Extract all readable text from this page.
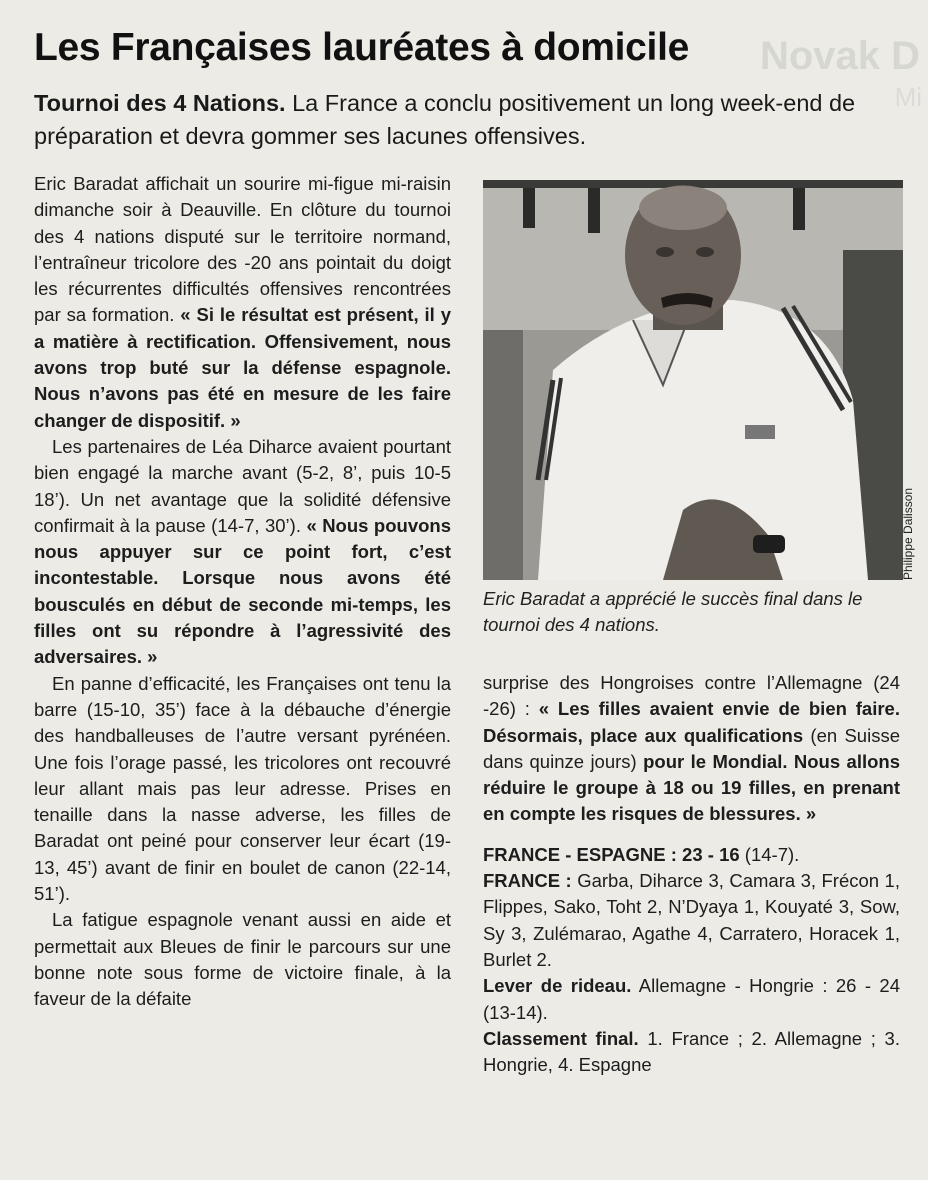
Novak D
Mi
Les Françaises lauréates à domicile
Tournoi des 4 Nations. La France a conclu positivement un long week-end de préparation et devra gommer ses lacunes offensives.

Eric Baradat affichait un sourire mi-figue mi-raisin dimanche soir à Deauville. En clôture du tournoi des 4 nations disputé sur le territoire normand, l’entraîneur tricolore des -20 ans pointait du doigt les récurrentes difficultés offensives rencontrées par sa formation. « Si le résultat est présent, il y a matière à rectification. Offensivement, nous avons trop buté sur la défense espagnole. Nous n’avons pas été en mesure de les faire changer de dispositif. »

Les partenaires de Léa Diharce avaient pourtant bien engagé la marche avant (5-2, 8’, puis 10-5 18’). Un net avantage que la solidité défensive confirmait à la pause (14-7, 30’). « Nous pouvons nous appuyer sur ce point fort, c’est incontestable. Lorsque nous avons été bousculés en début de seconde mi-temps, les filles ont su répondre à l’agressivité des adversaires. »

En panne d’efficacité, les Françaises ont tenu la barre (15-10, 35’) face à la débauche d’énergie des handballeuses de l’autre versant pyrénéen. Une fois l’orage passé, les tricolores ont recouvré leur allant mais pas leur adresse. Prises en tenaille dans la nasse adverse, les filles de Baradat ont peiné pour conserver leur écart (19-13, 45’) avant de finir en boulet de canon (22-14, 51’).

La fatigue espagnole venant aussi en aide et permettait aux Bleues de finir le parcours sur une bonne note sous forme de victoire finale, à la faveur de la défaite

Philippe Dalisson
Eric Baradat a apprécié le succès final dans le tournoi des 4 nations.

surprise des Hongroises contre l’Allemagne (24 -26) : « Les filles avaient envie de bien faire. Désormais, place aux qualifications (en Suisse dans quinze jours) pour le Mondial. Nous allons réduire le groupe à 18 ou 19 filles, en prenant en compte les risques de blessures. »

FRANCE - ESPAGNE : 23 - 16 (14-7).

FRANCE : Garba, Diharce 3, Camara 3, Frécon 1, Flippes, Sako, Toht 2, N’Dyaya 1, Kouyaté 3, Sow, Sy 3, Zulémarao, Agathe 4, Carratero, Horacek 1, Burlet 2.

Lever de rideau. Allemagne - Hongrie : 26 - 24 (13-14).

Classement final. 1. France ; 2. Allemagne ; 3. Hongrie, 4. Espagne
